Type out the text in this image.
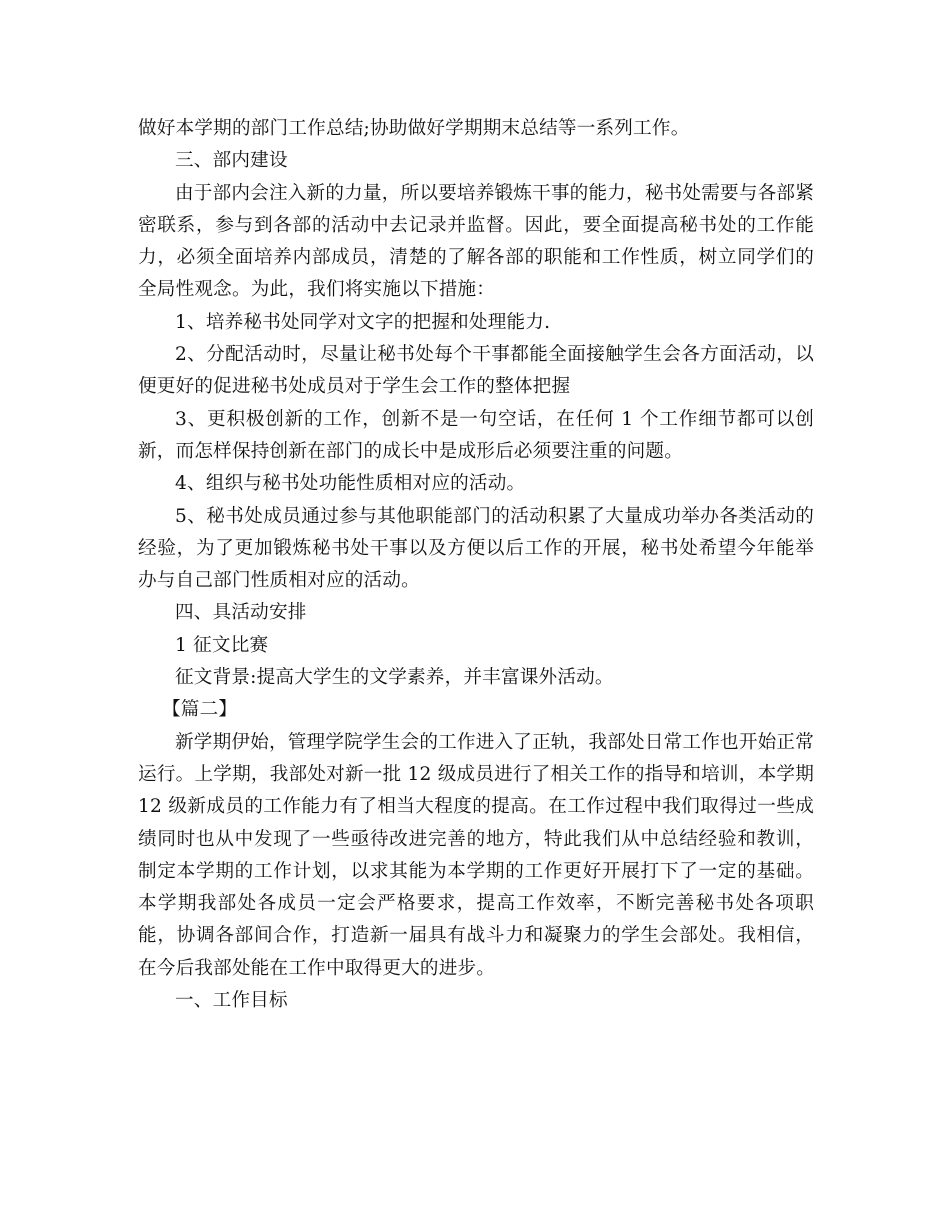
做好本学期的部门工作总结;协助做好学期期末总结等一系列工作。

三、部内建设

由于部内会注入新的力量，所以要培养锻炼干事的能力，秘书处需要与各部紧密联系，参与到各部的活动中去记录并监督。因此，要全面提高秘书处的工作能力，必须全面培养内部成员，清楚的了解各部的职能和工作性质，树立同学们的全局性观念。为此，我们将实施以下措施：

1、培养秘书处同学对文字的把握和处理能力.

2、分配活动时，尽量让秘书处每个干事都能全面接触学生会各方面活动，以便更好的促进秘书处成员对于学生会工作的整体把握

3、更积极创新的工作，创新不是一句空话，在任何 1 个工作细节都可以创新，而怎样保持创新在部门的成长中是成形后必须要注重的问题。

4、组织与秘书处功能性质相对应的活动。

5、秘书处成员通过参与其他职能部门的活动积累了大量成功举办各类活动的经验，为了更加锻炼秘书处干事以及方便以后工作的开展，秘书处希望今年能举办与自己部门性质相对应的活动。

四、具活动安排

1 征文比赛

征文背景:提高大学生的文学素养，并丰富课外活动。

【篇二】

新学期伊始，管理学院学生会的工作进入了正轨，我部处日常工作也开始正常运行。上学期，我部处对新一批 12 级成员进行了相关工作的指导和培训，本学期 12 级新成员的工作能力有了相当大程度的提高。在工作过程中我们取得过一些成绩同时也从中发现了一些亟待改进完善的地方，特此我们从中总结经验和教训，制定本学期的工作计划，以求其能为本学期的工作更好开展打下了一定的基础。本学期我部处各成员一定会严格要求，提高工作效率，不断完善秘书处各项职能，协调各部间合作，打造新一届具有战斗力和凝聚力的学生会部处。我相信，在今后我部处能在工作中取得更大的进步。

一、工作目标
